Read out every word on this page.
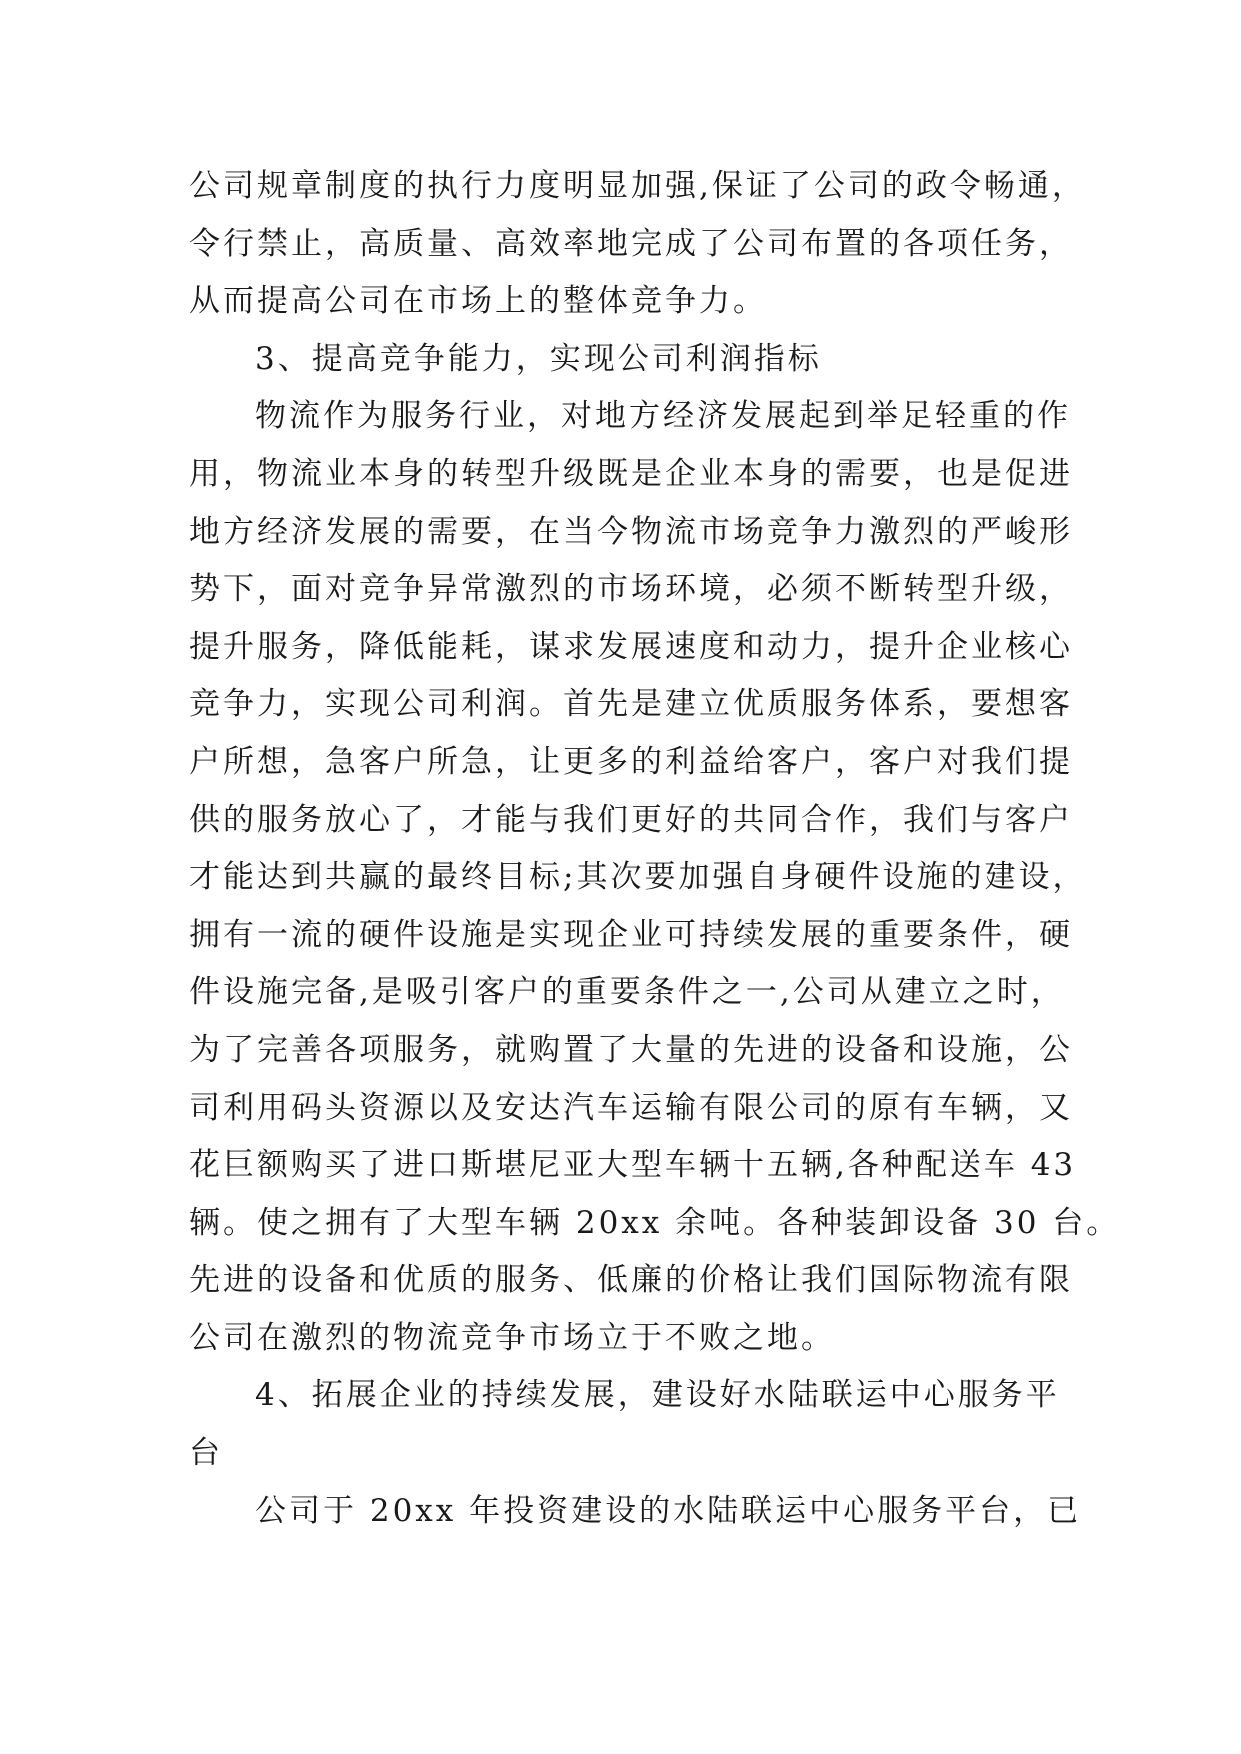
公司规章制度的执行力度明显加强,保证了公司的政令畅通，
令行禁止，高质量、高效率地完成了公司布置的各项任务，
从而提高公司在市场上的整体竞争力。
3、提高竞争能力，实现公司利润指标
物流作为服务行业，对地方经济发展起到举足轻重的作
用，物流业本身的转型升级既是企业本身的需要，也是促进
地方经济发展的需要，在当今物流市场竞争力激烈的严峻形
势下，面对竞争异常激烈的市场环境，必须不断转型升级，
提升服务，降低能耗，谋求发展速度和动力，提升企业核心
竞争力，实现公司利润。首先是建立优质服务体系，要想客
户所想，急客户所急，让更多的利益给客户，客户对我们提
供的服务放心了，才能与我们更好的共同合作，我们与客户
才能达到共赢的最终目标;其次要加强自身硬件设施的建设，
拥有一流的硬件设施是实现企业可持续发展的重要条件，硬
件设施完备,是吸引客户的重要条件之一,公司从建立之时，
为了完善各项服务，就购置了大量的先进的设备和设施，公
司利用码头资源以及安达汽车运输有限公司的原有车辆，又
花巨额购买了进口斯堪尼亚大型车辆十五辆,各种配送车 43
辆。使之拥有了大型车辆 20xx 余吨。各种装卸设备 30 台。
先进的设备和优质的服务、低廉的价格让我们国际物流有限
公司在激烈的物流竞争市场立于不败之地。
4、拓展企业的持续发展，建设好水陆联运中心服务平
台
公司于 20xx 年投资建设的水陆联运中心服务平台，已
